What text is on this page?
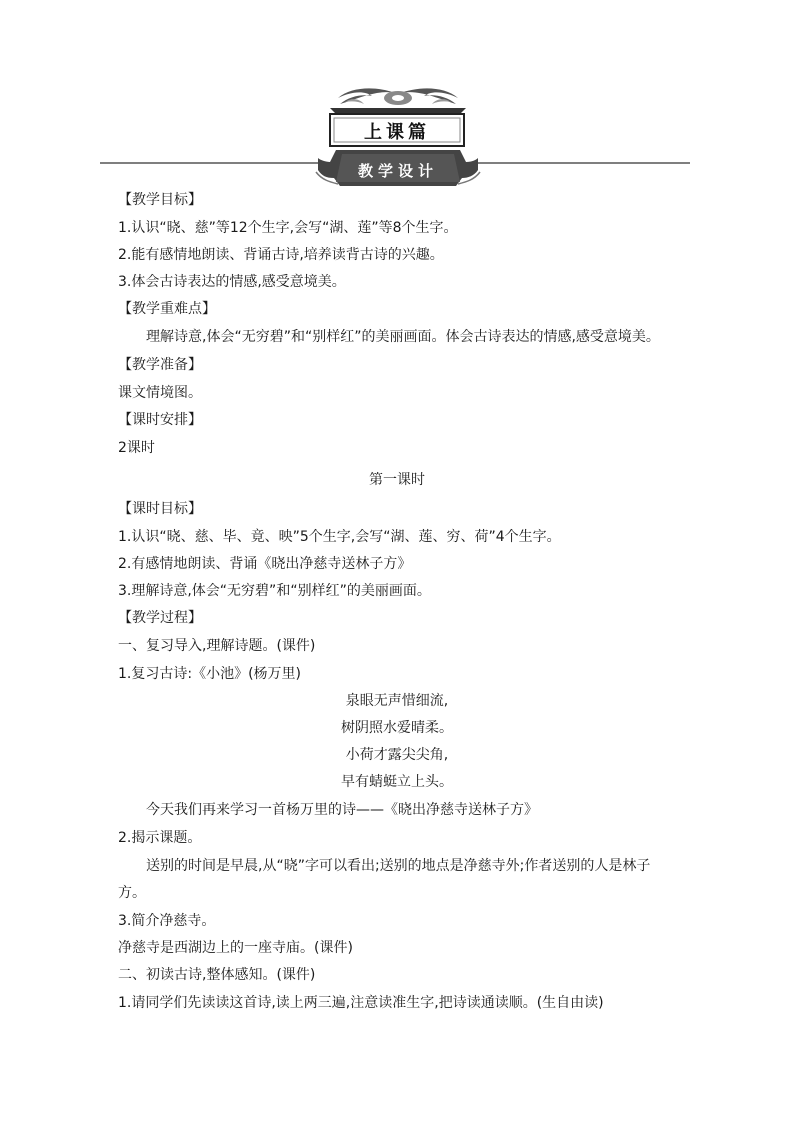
上课篇
教学设计

【教学目标】

1.认识“晓、慈”等12个生字,会写“湖、莲”等8个生字。

2.能有感情地朗读、背诵古诗,培养读背古诗的兴趣。

3.体会古诗表达的情感,感受意境美。

【教学重难点】

理解诗意,体会“无穷碧”和“别样红”的美丽画面。体会古诗表达的情感,感受意境美。

【教学准备】

课文情境图。

【课时安排】

2课时

第一课时

【课时目标】

1.认识“晓、慈、毕、竟、映”5个生字,会写“湖、莲、穷、荷”4个生字。

2.有感情地朗读、背诵《晓出净慈寺送林子方》

3.理解诗意,体会“无穷碧”和“别样红”的美丽画面。

【教学过程】

一、复习导入,理解诗题。(课件)

1.复习古诗:《小池》(杨万里)

泉眼无声惜细流,

树阴照水爱晴柔。

小荷才露尖尖角,

早有蜻蜓立上头。

今天我们再来学习一首杨万里的诗——《晓出净慈寺送林子方》

2.揭示课题。

送别的时间是早晨,从“晓”字可以看出;送别的地点是净慈寺外;作者送别的人是林子

方。

3.简介净慈寺。

净慈寺是西湖边上的一座寺庙。(课件)

二、初读古诗,整体感知。(课件)

1.请同学们先读读这首诗,读上两三遍,注意读准生字,把诗读通读顺。(生自由读)
